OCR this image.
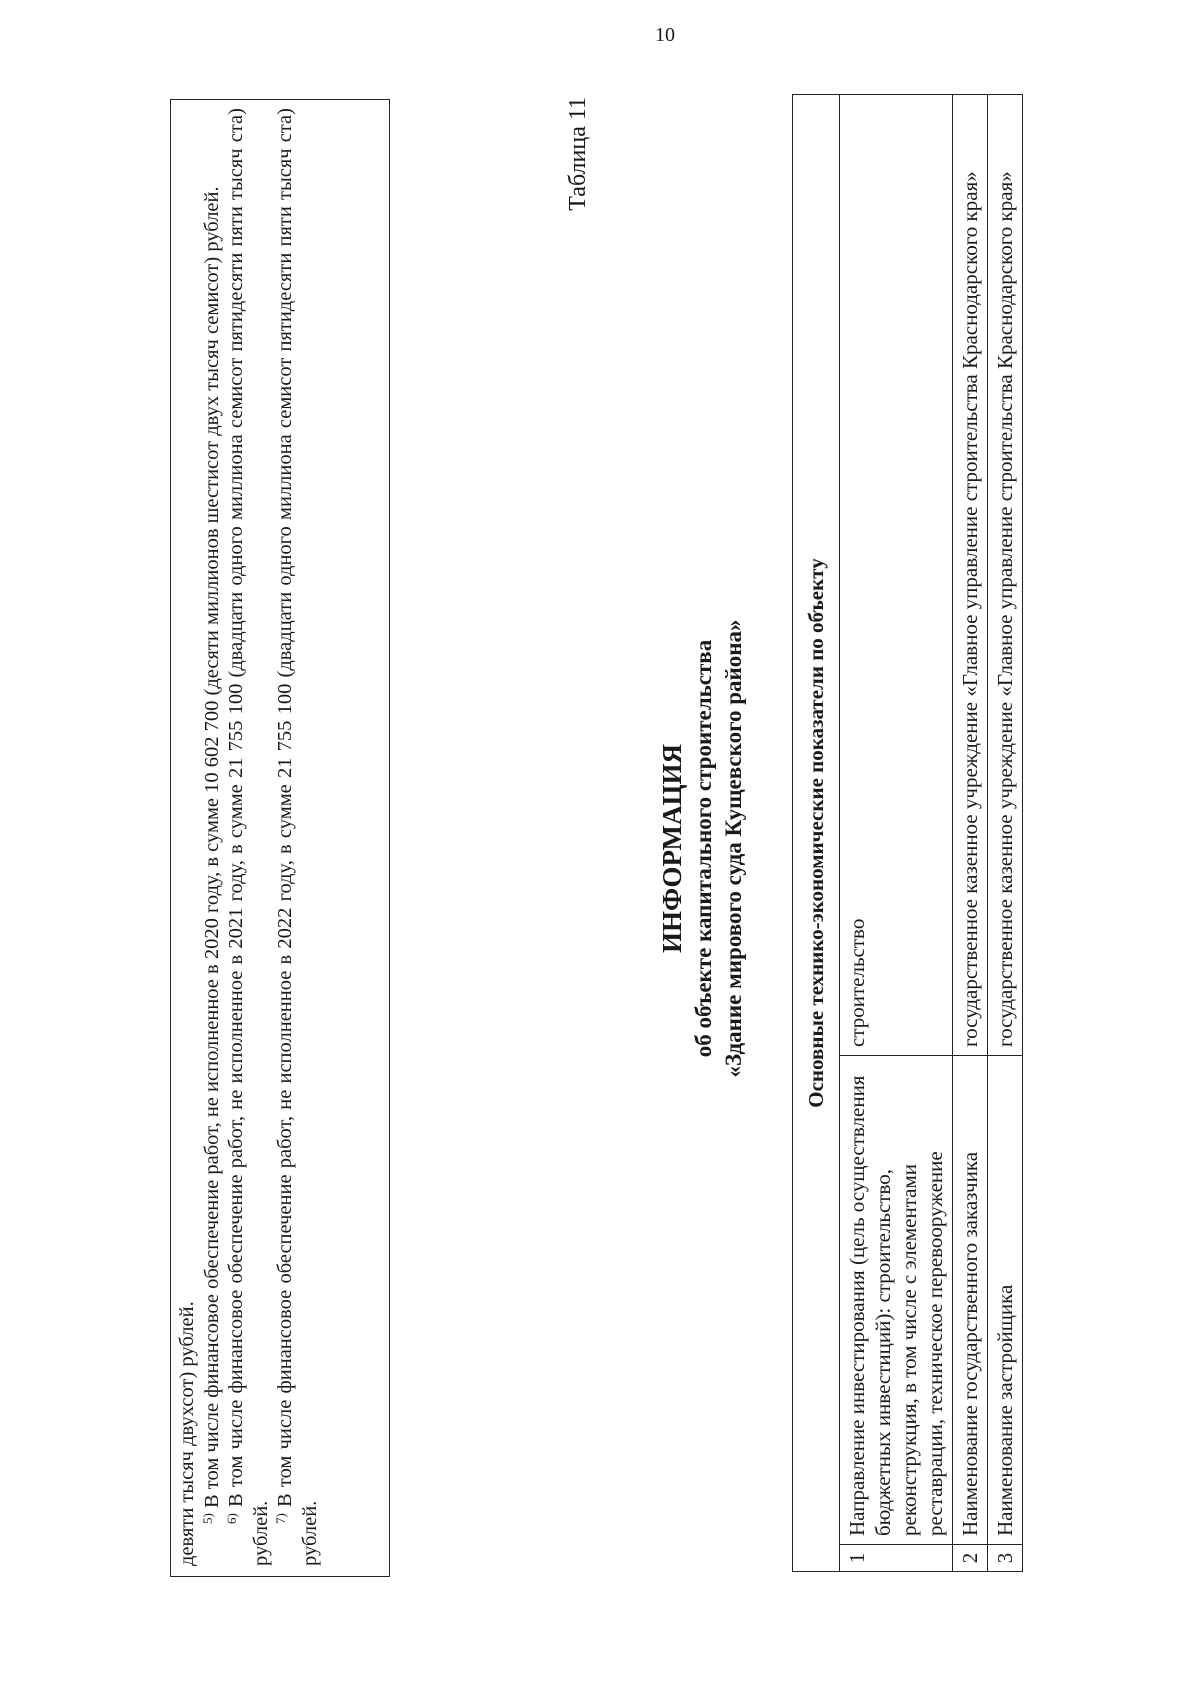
10

девяти тысяч двухсот) рублей. $^{5)}$ В том числе финансовое обеспечение работ, не исполненное в 2020 году, в сумме 10 602 700 (десяти миллионов шестисот двух тысяч семисот) рублей.

$^{6)}$ В том числе финансовое обеспечение работ, не исполненное в 2021 году, в сумме 21 755 100 (двадцати одного миллиона семисот пятидесяти пяти тысяч ста) рублей. $^{7)}$ В том числе финансовое обеспечение работ, не исполненное в 2022 году, в сумме 21 755 100 (двадцати одного миллиона семисот пятидесяти пяти тысяч ста) рублей.

Таблица 11
ИНФОРМАЦИЯ об объекте капитального строительства «Здание мирового суда Кущевского района»	Основные технико-экономические показатели по объекту		
1	Направление инвестирования (цель осуществления бюджетных инвестиций): строительство, реконструкция, в том числе с элементами реставрации, техническое перевооружение	строительство
2	Наименование государственного заказчика	государственное казенное учреждение «Главное управление строительства Краснодарского края»
3	Наименование застройщика	государственное казенное учреждение «Главное управление строительства Краснодарского края»
